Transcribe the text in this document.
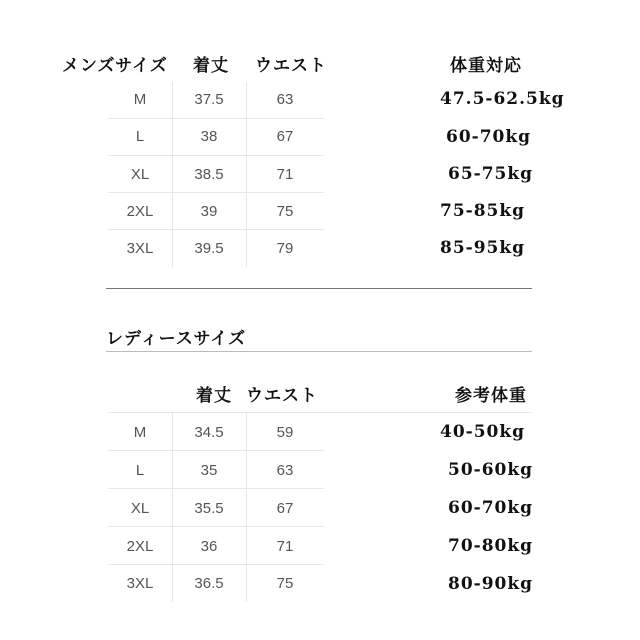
メンズサイズ 着丈 ウエスト	体重対応
M	37.5	63	47.5-62.5kg
L	38	67	60-70kg
XL	38.5	71	65-75kg
2XL	39	75	75-85kg
3XL	39.5	79	85-95kg
レディースサイズ
着丈 ウエスト	参考体重
M	34.5	59	40-50kg
L	35	63	50-60kg
XL	35.5	67	60-70kg
2XL	36	71	70-80kg
3XL	36.5	75	80-90kg
